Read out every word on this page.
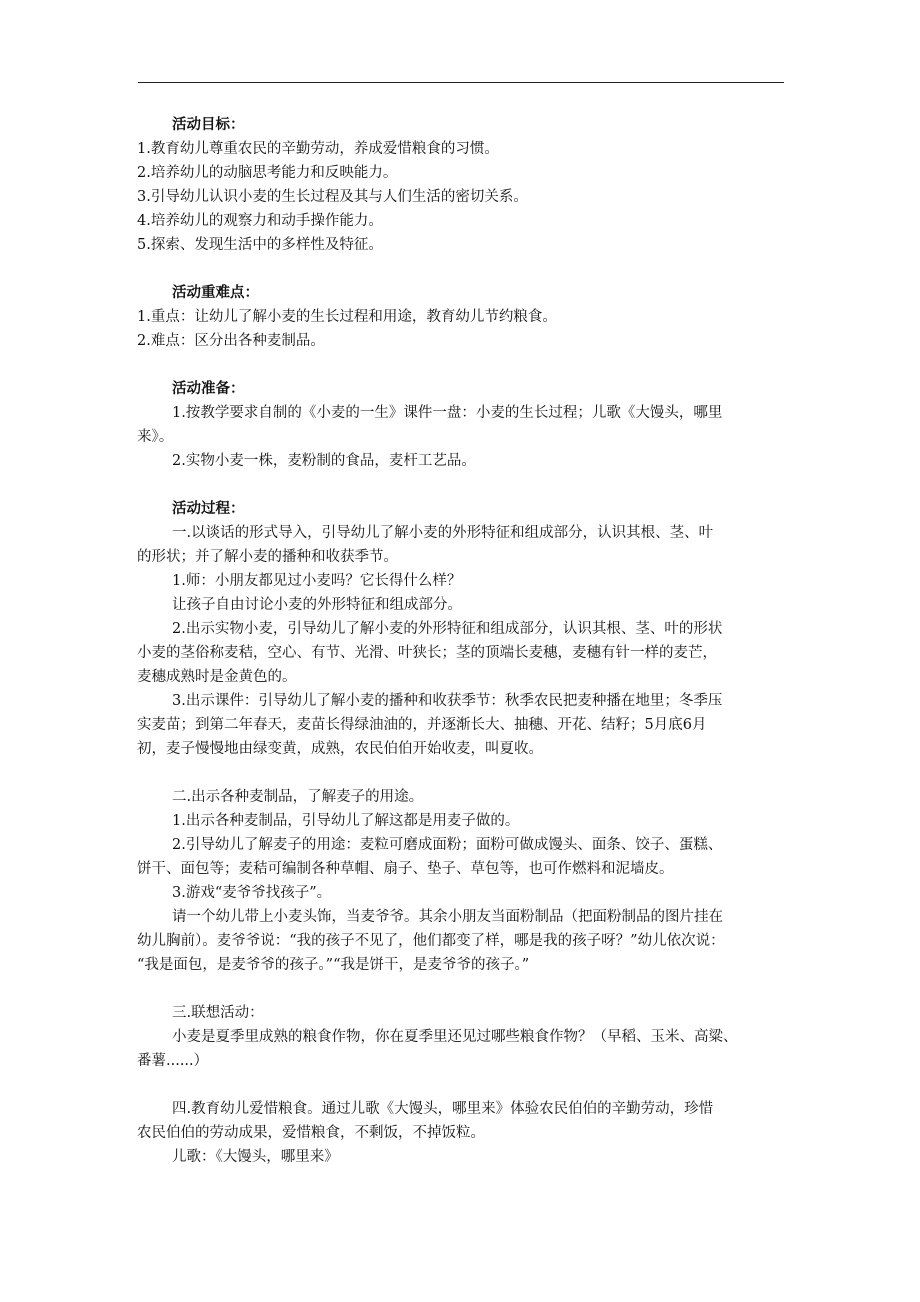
活动目标：

1.教育幼儿尊重农民的辛勤劳动，养成爱惜粮食的习惯。

2.培养幼儿的动脑思考能力和反映能力。

3.引导幼儿认识小麦的生长过程及其与人们生活的密切关系。

4.培养幼儿的观察力和动手操作能力。

5.探索、发现生活中的多样性及特征。

活动重难点：

1.重点：让幼儿了解小麦的生长过程和用途，教育幼儿节约粮食。

2.难点：区分出各种麦制品。

活动准备：

1.按教学要求自制的《小麦的一生》课件一盘：小麦的生长过程；儿歌《大馒头，哪里

来》。

2.实物小麦一株，麦粉制的食品，麦杆工艺品。

活动过程：

一.以谈话的形式导入，引导幼儿了解小麦的外形特征和组成部分，认识其根、茎、叶

的形状；并了解小麦的播种和收获季节。

1.师：小朋友都见过小麦吗？它长得什么样？

让孩子自由讨论小麦的外形特征和组成部分。

2.出示实物小麦，引导幼儿了解小麦的外形特征和组成部分，认识其根、茎、叶的形状

小麦的茎俗称麦秸，空心、有节、光滑、叶狭长；茎的顶端长麦穗，麦穗有针一样的麦芒，

麦穗成熟时是金黄色的。

3.出示课件：引导幼儿了解小麦的播种和收获季节：秋季农民把麦种播在地里；冬季压

实麦苗；到第二年春天，麦苗长得绿油油的，并逐渐长大、抽穗、开花、结籽；5月底6月

初，麦子慢慢地由绿变黄，成熟，农民伯伯开始收麦，叫夏收。

二.出示各种麦制品，了解麦子的用途。

1.出示各种麦制品，引导幼儿了解这都是用麦子做的。

2.引导幼儿了解麦子的用途：麦粒可磨成面粉；面粉可做成馒头、面条、饺子、蛋糕、

饼干、面包等；麦秸可编制各种草帽、扇子、垫子、草包等，也可作燃料和泥墙皮。

3.游戏“麦爷爷找孩子”。

请一个幼儿带上小麦头饰，当麦爷爷。其余小朋友当面粉制品（把面粉制品的图片挂在

幼儿胸前）。麦爷爷说：“我的孩子不见了，他们都变了样，哪是我的孩子呀？”幼儿依次说：

“我是面包，是麦爷爷的孩子。”“我是饼干，是麦爷爷的孩子。”

三.联想活动：

小麦是夏季里成熟的粮食作物，你在夏季里还见过哪些粮食作物？（早稻、玉米、高粱、

番薯......）

四.教育幼儿爱惜粮食。通过儿歌《大馒头，哪里来》体验农民伯伯的辛勤劳动，珍惜

农民伯伯的劳动成果，爱惜粮食，不剩饭，不掉饭粒。

儿歌：《大馒头，哪里来》
